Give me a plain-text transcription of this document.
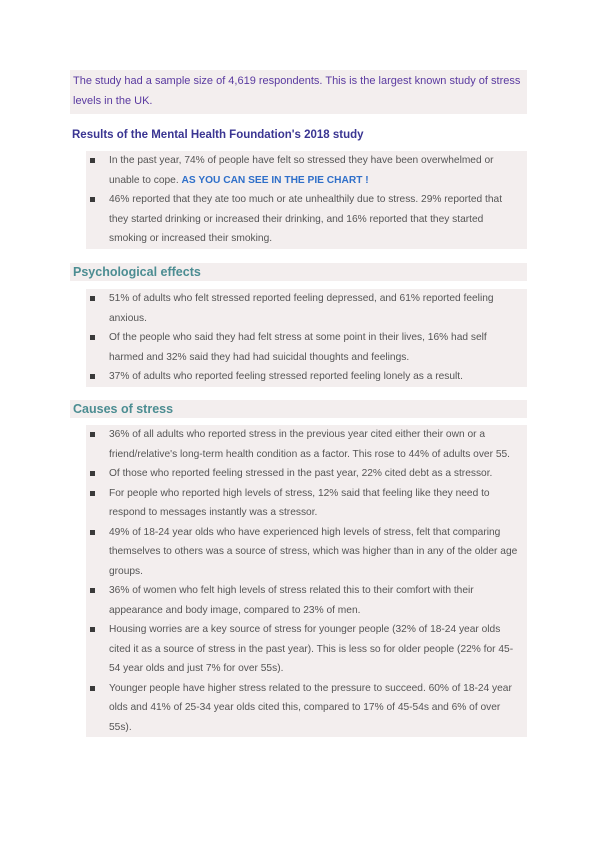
The study had a sample size of 4,619 respondents. This is the largest known study of stress levels in the UK.
Results of the Mental Health Foundation's 2018 study
In the past year, 74% of people have felt so stressed they have been overwhelmed or unable to cope. AS YOU CAN SEE IN THE PIE CHART !
46% reported that they ate too much or ate unhealthily due to stress. 29% reported that they started drinking or increased their drinking, and 16% reported that they started smoking or increased their smoking.
Psychological effects
51% of adults who felt stressed reported feeling depressed, and 61% reported feeling anxious.
Of the people who said they had felt stress at some point in their lives, 16% had self harmed and 32% said they had had suicidal thoughts and feelings.
37% of adults who reported feeling stressed reported feeling lonely as a result.
Causes of stress
36% of all adults who reported stress in the previous year cited either their own or a friend/relative's long-term health condition as a factor. This rose to 44% of adults over 55.
Of those who reported feeling stressed in the past year, 22% cited debt as a stressor.
For people who reported high levels of stress, 12% said that feeling like they need to respond to messages instantly was a stressor.
49% of 18-24 year olds who have experienced high levels of stress, felt that comparing themselves to others was a source of stress, which was higher than in any of the older age groups.
36% of women who felt high levels of stress related this to their comfort with their appearance and body image, compared to 23% of men.
Housing worries are a key source of stress for younger people (32% of 18-24 year olds cited it as a source of stress in the past year). This is less so for older people (22% for 45-54 year olds and just 7% for over 55s).
Younger people have higher stress related to the pressure to succeed. 60% of 18-24 year olds and 41% of 25-34 year olds cited this, compared to 17% of 45-54s and 6% of over 55s).
